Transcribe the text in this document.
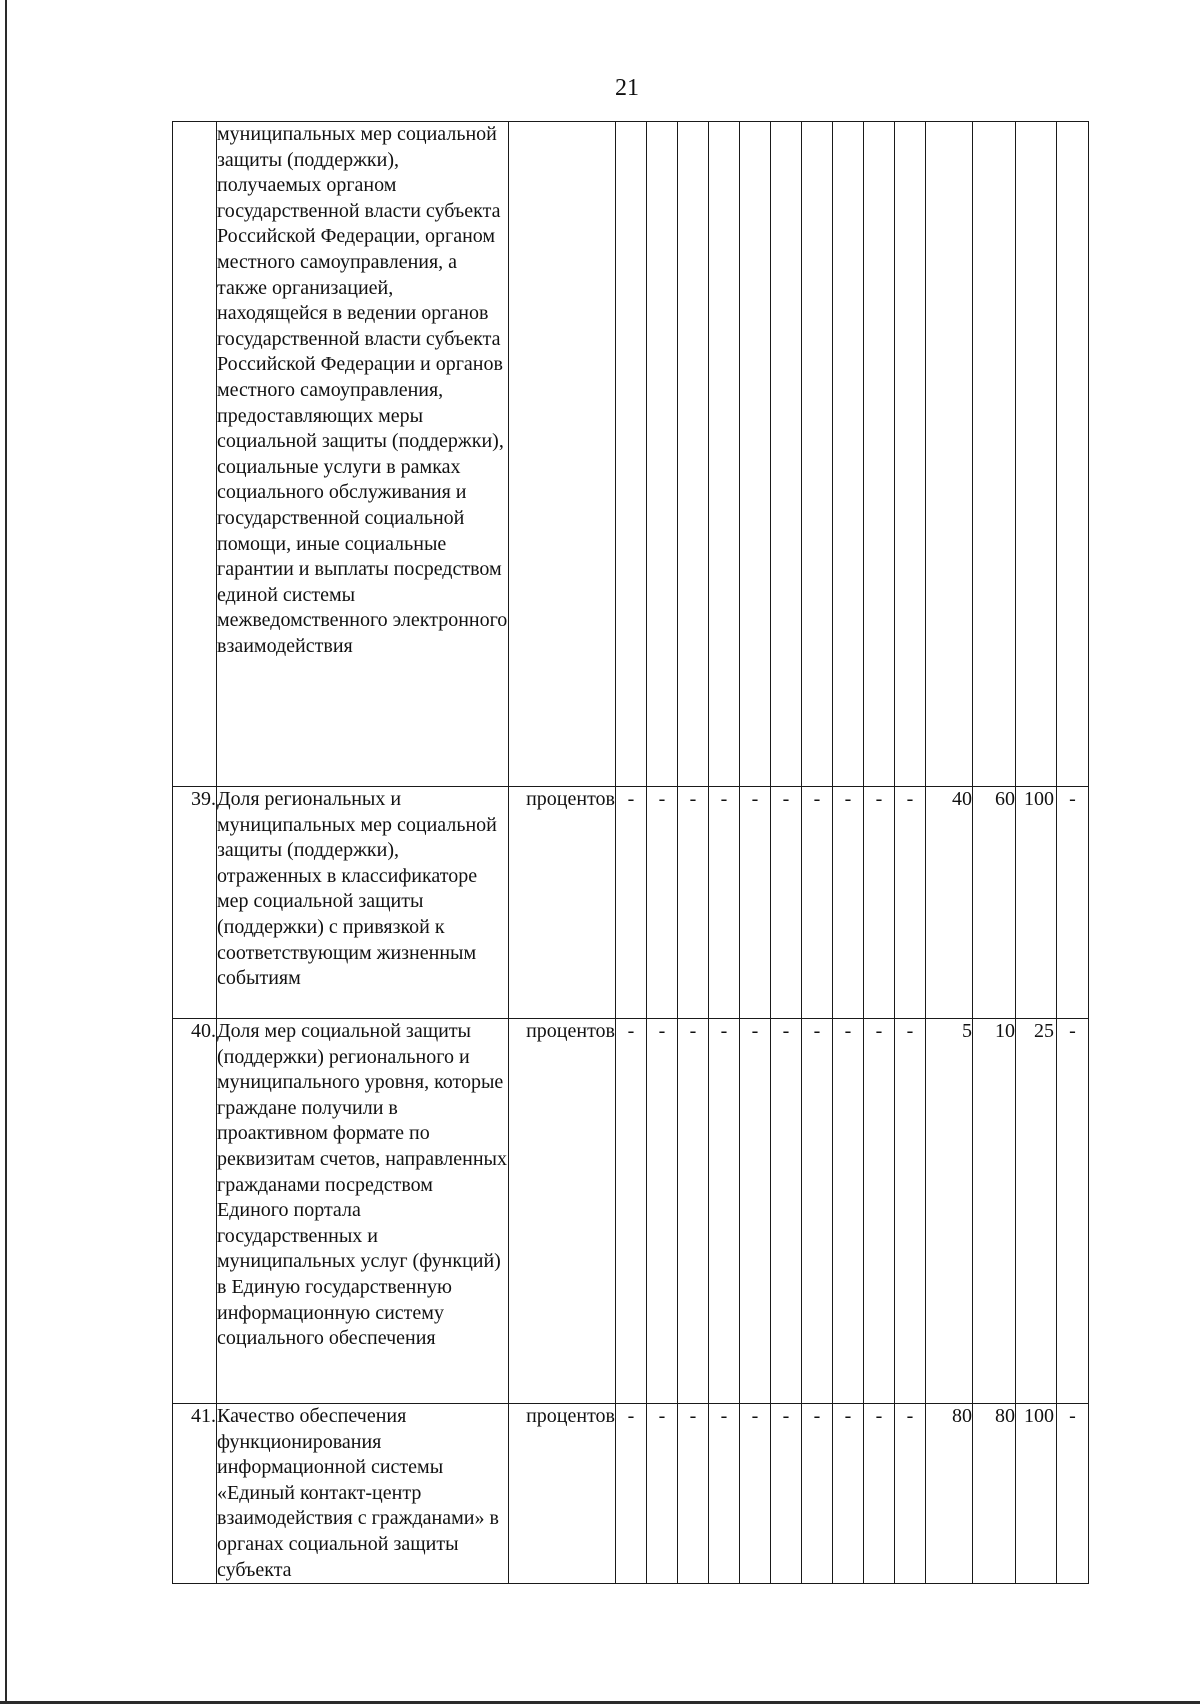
21
	муниципальных мер социальной защиты (поддержки), получаемых органом государственной власти субъекта Российской Федерации, органом местного самоуправления, а также организацией, находящейся в ведении органов государственной власти субъекта Российской Федерации и органов местного самоуправления, предоставляющих меры социальной защиты (поддержки), социальные услуги в рамках социального обслуживания и государственной социальной помощи, иные социальные гарантии и выплаты посредством единой системы межведомственного электронного взаимодействия															
39.	Доля региональных и муниципальных мер социальной защиты (поддержки), отраженных в классификаторе мер социальной защиты (поддержки) с привязкой к соответствующим жизненным событиям	процентов	-	-	-	-	-	-	-	-	-	-	40	60	100	-
40.	Доля мер социальной защиты (поддержки) регионального и муниципального уровня, которые граждане получили в проактивном формате по реквизитам счетов, направленных гражданами посредством Единого портала государственных и муниципальных услуг (функций) в Единую государственную информационную систему социального обеспечения	процентов	-	-	-	-	-	-	-	-	-	-	5	10	25	-
41.	Качество обеспечения функционирования информационной системы «Единый контакт-центр взаимодействия с гражданами» в органах социальной защиты субъекта	процентов	-	-	-	-	-	-	-	-	-	-	80	80	100	-
